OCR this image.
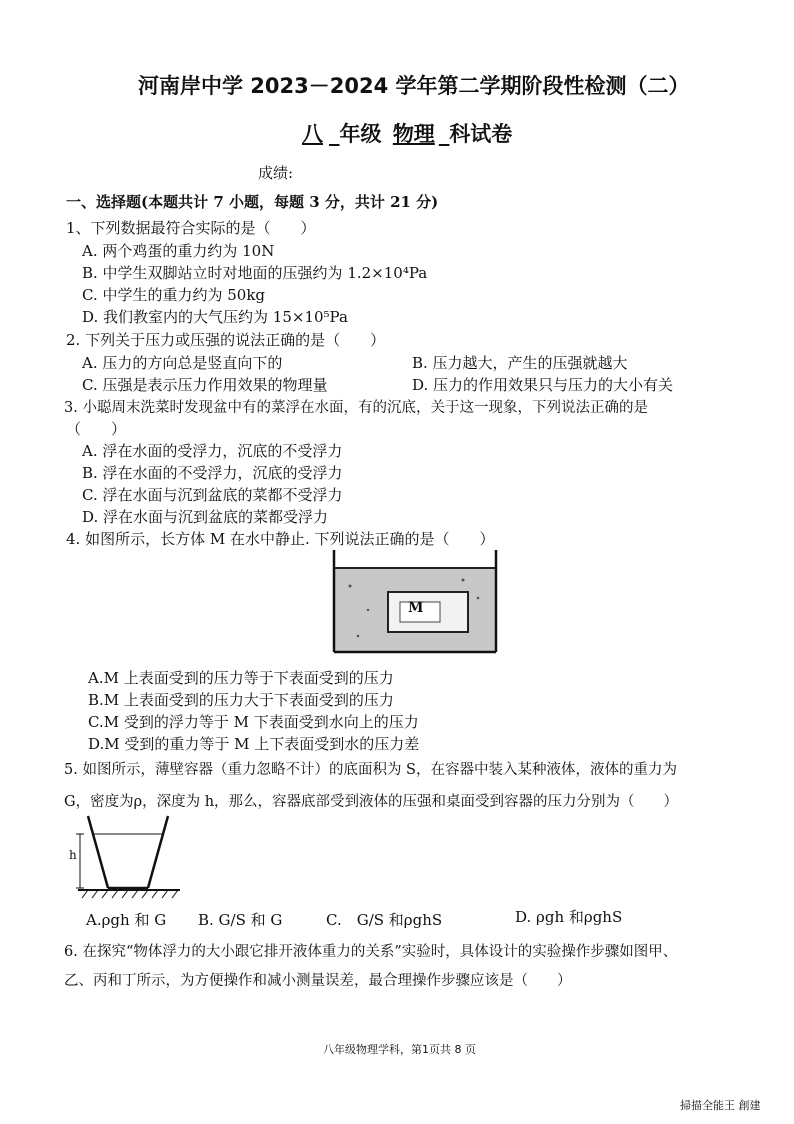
河南岸中学 2023－2024 学年第二学期阶段性检测（二）
八 _年级 物理 _科试卷
成绩:
一、选择题(本题共计 7 小题，每题 3 分，共计 21 分)
1、下列数据最符合实际的是（　　）
A. 两个鸡蛋的重力约为 10N
B. 中学生双脚站立时对地面的压强约为 1.2×10⁴Pa
C. 中学生的重力约为 50kg
D. 我们教室内的大气压约为 15×10⁵Pa
2. 下列关于压力或压强的说法正确的是（　　）
A. 压力的方向总是竖直向下的	B. 压力越大，产生的压强就越大
C. 压强是表示压力作用效果的物理量	D. 压力的作用效果只与压力的大小有关
3. 小聪周末洗菜时发现盆中有的菜浮在水面，有的沉底，关于这一现象，下列说法正确的是
（　　）
A. 浮在水面的受浮力，沉底的不受浮力
B. 浮在水面的不受浮力，沉底的受浮力
C. 浮在水面与沉到盆底的菜都不受浮力
D. 浮在水面与沉到盆底的菜都受浮力
4. 如图所示，长方体 M 在水中静止. 下列说法正确的是（　　）
M
A.M 上表面受到的压力等于下表面受到的压力
B.M 上表面受到的压力大于下表面受到的压力
C.M 受到的浮力等于 M 下表面受到水向上的压力
D.M 受到的重力等于 M 上下表面受到水的压力差
5. 如图所示，薄壁容器（重力忽略不计）的底面积为 S，在容器中装入某种液体，液体的重力为
G，密度为ρ，深度为 h，那么，容器底部受到液体的压强和桌面受到容器的压力分别为（　　）
h
A.ρgh 和 G B. G/S 和 G	C.　G/S 和ρghS	D. ρgh 和ρghS
6. 在探究“物体浮力的大小跟它排开液体重力的关系”实验时，具体设计的实验操作步骤如图甲、
乙、丙和丁所示，为方便操作和减小测量误差，最合理操作步骤应该是（　　）
八年级物理学科，第1页共 8 页
掃描全能王 創建
